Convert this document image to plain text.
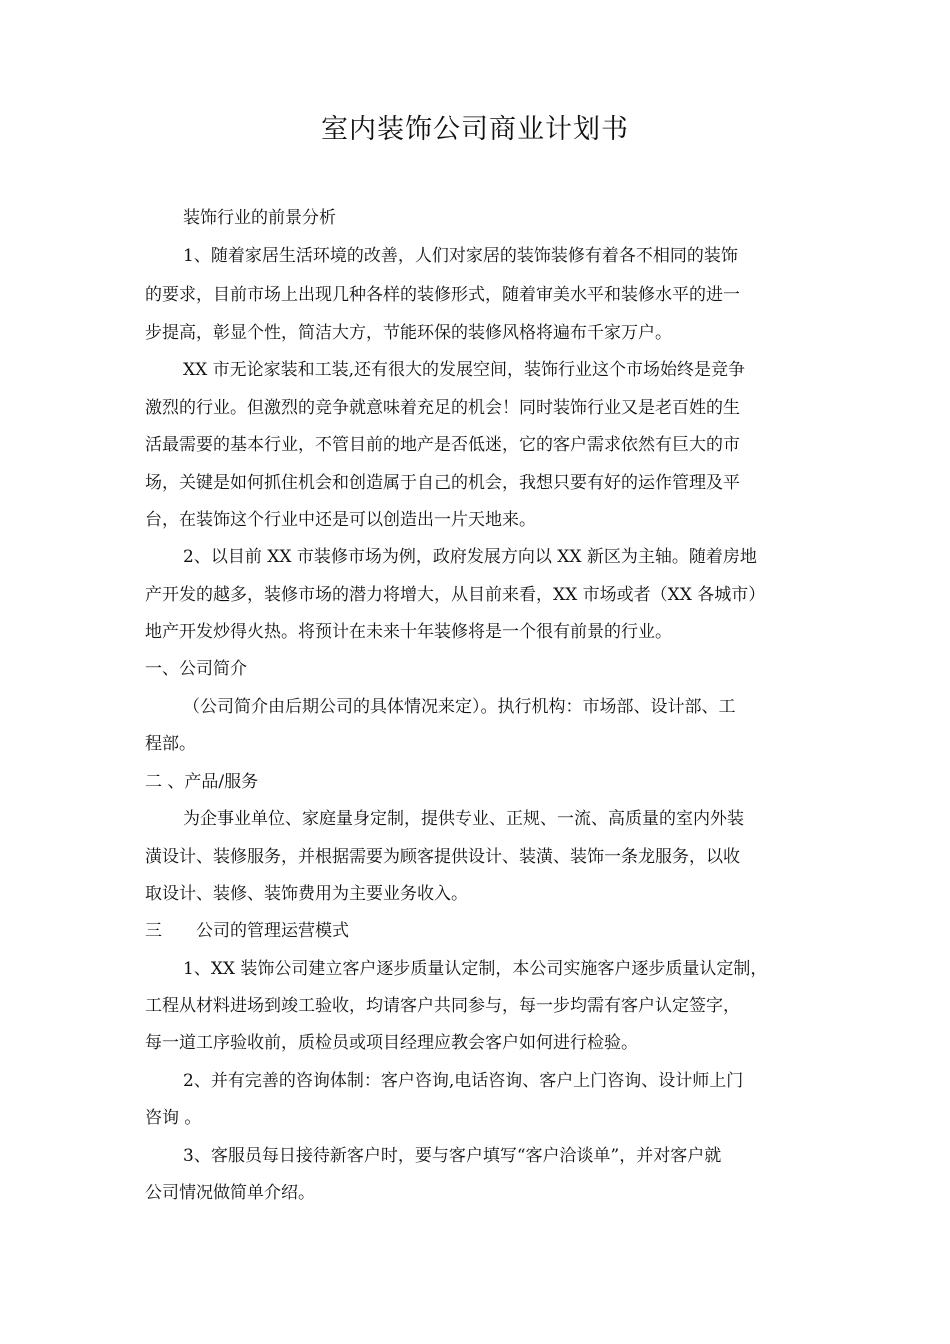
室内装饰公司商业计划书
装饰行业的前景分析
1、随着家居生活环境的改善，人们对家居的装饰装修有着各不相同的装饰
的要求，目前市场上出现几种各样的装修形式，随着审美水平和装修水平的进一
步提高，彰显个性，简洁大方，节能环保的装修风格将遍布千家万户。
XX 市无论家装和工装,还有很大的发展空间，装饰行业这个市场始终是竞争
激烈的行业。但激烈的竞争就意味着充足的机会！同时装饰行业又是老百姓的生
活最需要的基本行业，不管目前的地产是否低迷，它的客户需求依然有巨大的市
场，关键是如何抓住机会和创造属于自己的机会，我想只要有好的运作管理及平
台，在装饰这个行业中还是可以创造出一片天地来。
2、以目前 XX 市装修市场为例，政府发展方向以 XX 新区为主轴。随着房地
产开发的越多，装修市场的潜力将增大，从目前来看，XX 市场或者（XX 各城市）
地产开发炒得火热。将预计在未来十年装修将是一个很有前景的行业。
一、公司简介
（公司简介由后期公司的具体情况来定）。执行机构：市场部、设计部、工
程部。
二 、产品/服务
为企事业单位、家庭量身定制，提供专业、正规、一流、高质量的室内外装
潢设计、装修服务，并根据需要为顾客提供设计、装潢、装饰一条龙服务，以收
取设计、装修、装饰费用为主要业务收入。
三　　公司的管理运营模式
1、XX 装饰公司建立客户逐步质量认定制，本公司实施客户逐步质量认定制，
工程从材料进场到竣工验收，均请客户共同参与，每一步均需有客户认定签字，
每一道工序验收前，质检员或项目经理应教会客户如何进行检验。
2、并有完善的咨询体制：客户咨询,电话咨询、客户上门咨询、设计师上门
咨询 。
3、客服员每日接待新客户时，要与客户填写“客户洽谈单”，并对客户就
公司情况做简单介绍。
